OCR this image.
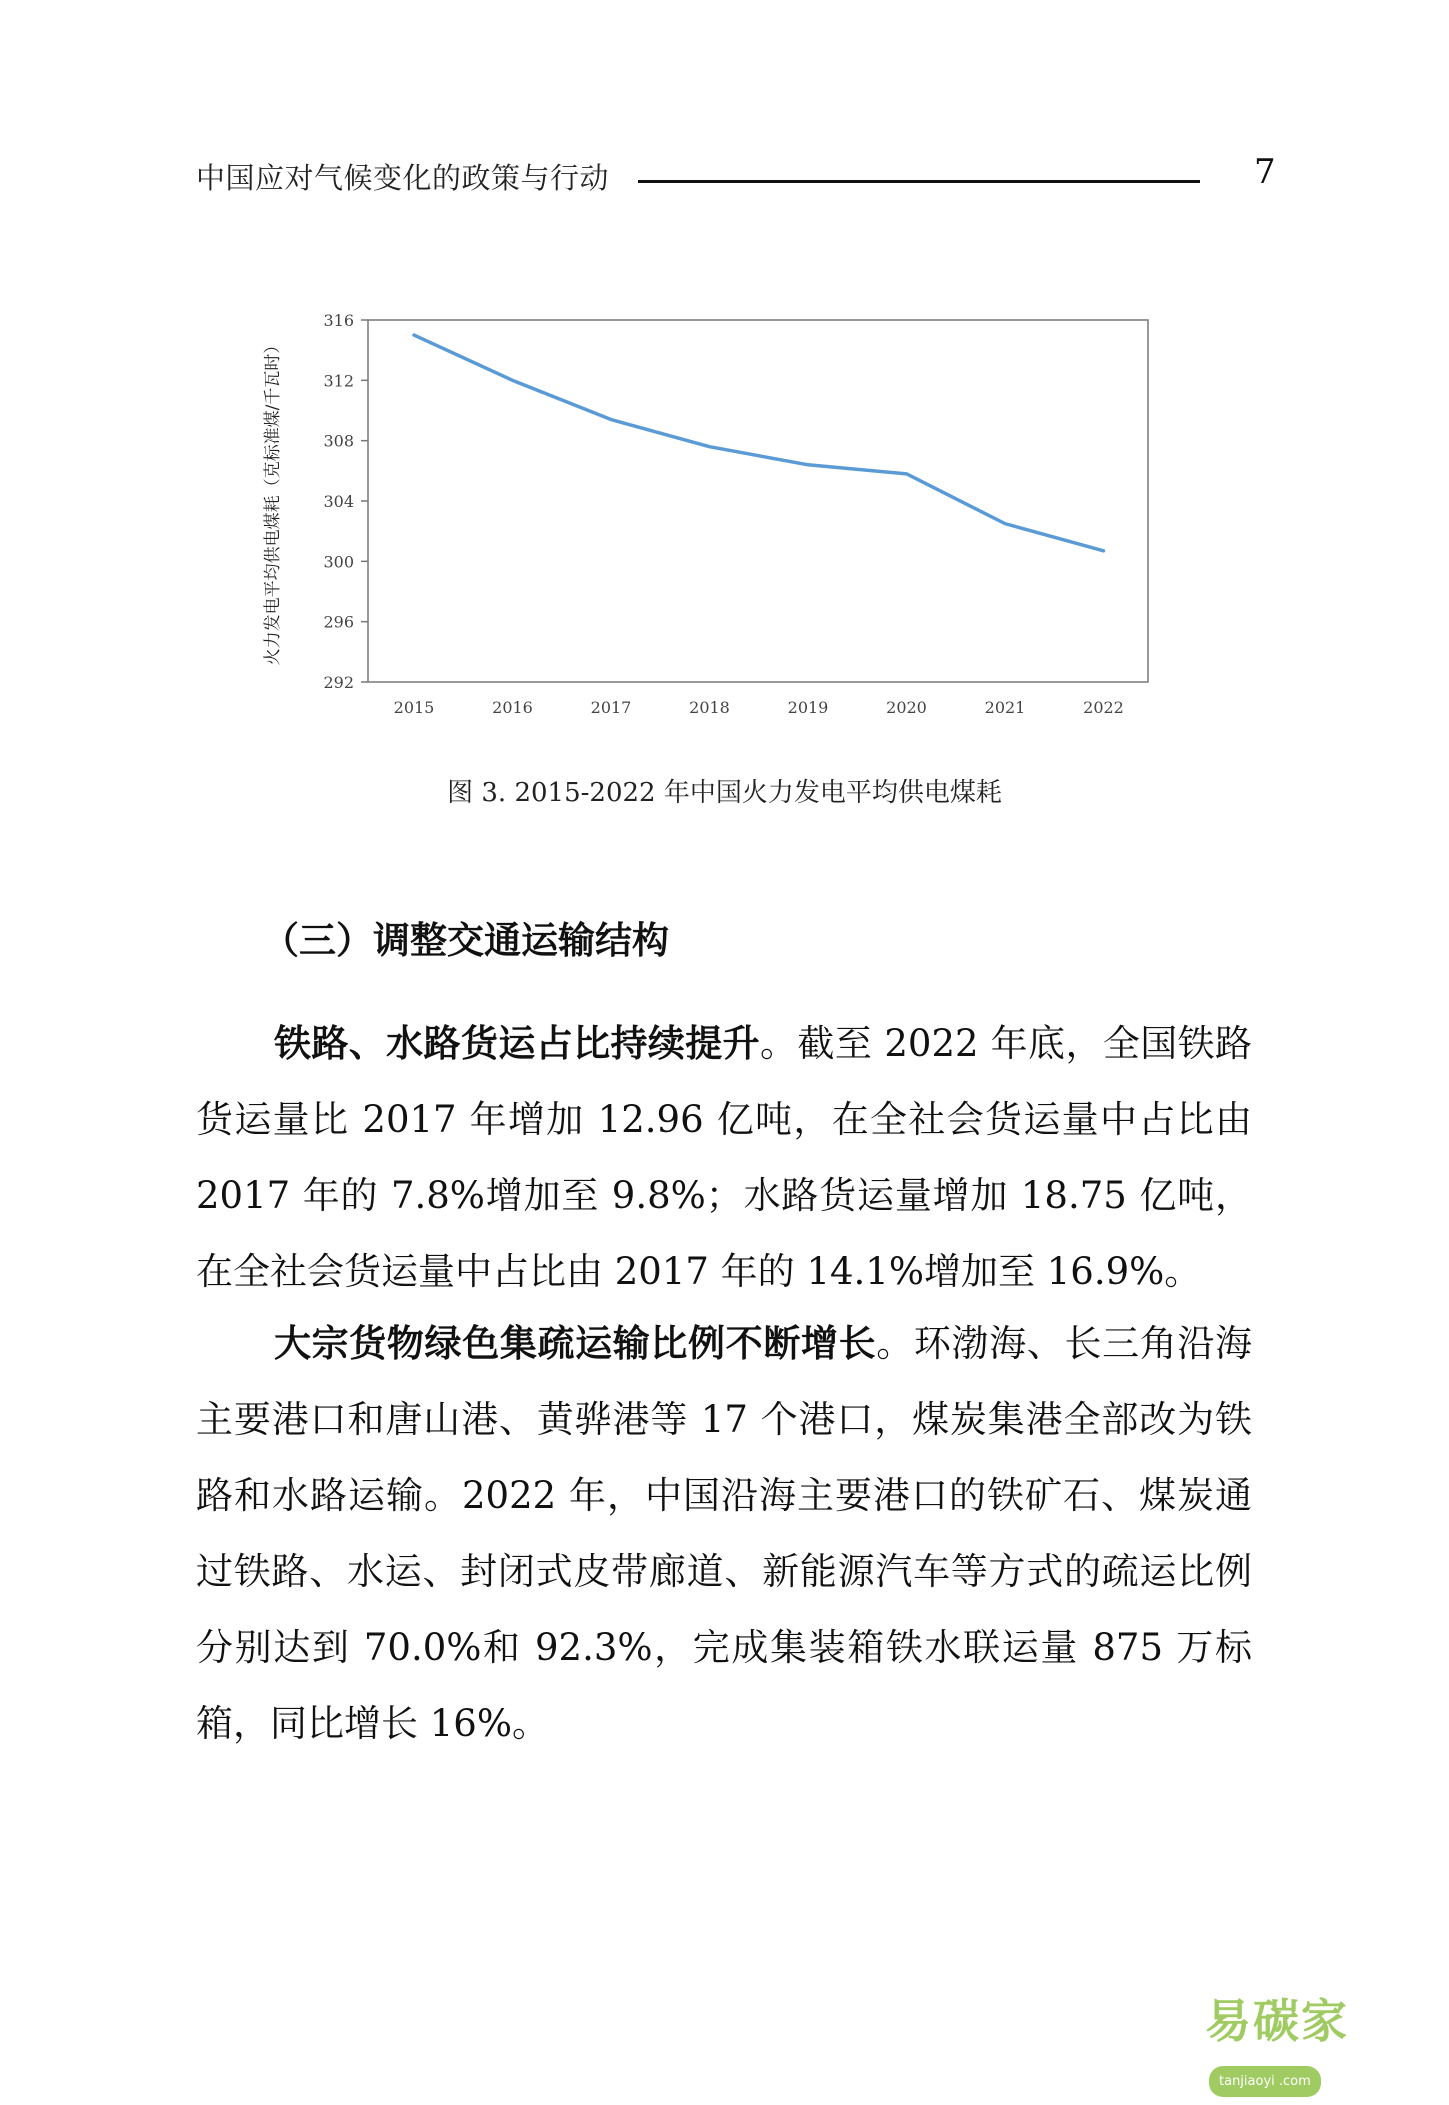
中国应对气候变化的政策与行动	7
316
312
308
304
300
296
292
2015	2016	2017	2018	2019	2020	2021	2022
火力发电平均供电煤耗（克标准煤/千瓦时）
图 3. 2015-2022 年中国火力发电平均供电煤耗
（三）调整交通运输结构

铁路、水路货运占比持续提升。截至 2022 年底，全国铁路货运量比 2017 年增加 12.96 亿吨，在全社会货运量中占比由 2017 年的 7.8%增加至 9.8%；水路货运量增加 18.75 亿吨，在全社会货运量中占比由 2017 年的 14.1%增加至 16.9%。

大宗货物绿色集疏运输比例不断增长。环渤海、长三角沿海主要港口和唐山港、黄骅港等 17 个港口，煤炭集港全部改为铁路和水路运输。2022 年，中国沿海主要港口的铁矿石、煤炭通过铁路、水运、封闭式皮带廊道、新能源汽车等方式的疏运比例分别达到 70.0%和 92.3%，完成集装箱铁水联运量 875 万标箱，同比增长 16%。

易碳家tanjiaoyi .com
